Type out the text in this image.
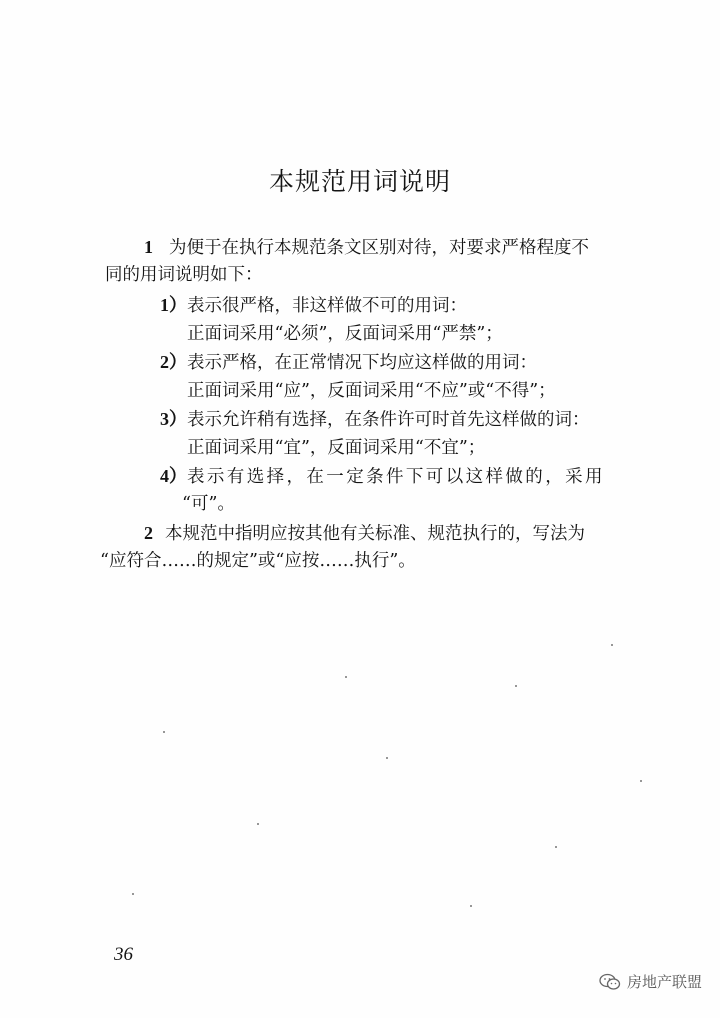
本规范用词说明
1 为便于在执行本规范条文区别对待，对要求严格程度不
同的用词说明如下：
1）表示很严格，非这样做不可的用词：
正面词采用“必须”，反面词采用“严禁”；
2）表示严格，在正常情况下均应这样做的用词：
正面词采用“应”，反面词采用“不应”或“不得”；
3）表示允许稍有选择，在条件许可时首先这样做的词：
正面词采用“宜”，反面词采用“不宜”；
4）表示有选择，在一定条件下可以这样做的，采用
“可”。
2 本规范中指明应按其他有关标准、规范执行的，写法为
“应符合……的规定”或“应按……执行”。
36
房地产联盟
